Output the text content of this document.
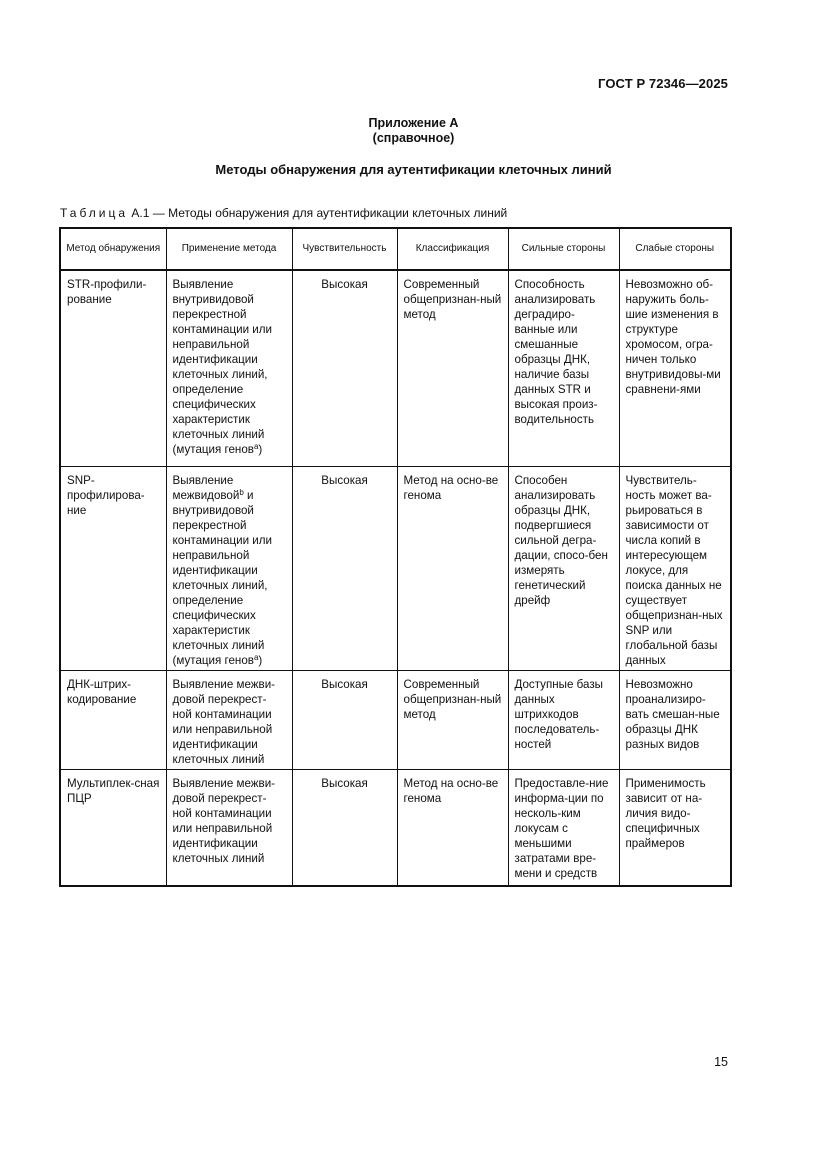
ГОСТ Р 72346—2025
Приложение А
(справочное)
Методы обнаружения для аутентификации клеточных линий
Таблица А.1 — Методы обнаружения для аутентификации клеточных линий
Метод обнаружения	Применение метода	Чувствительность	Классификация	Сильные стороны	Слабые стороны
STR-профили-рование	Выявление внутривидовой перекрестной контаминации или неправильной идентификации клеточных линий, определение специфических характеристик клеточных линий (мутация генов$^а$)	Высокая	Современный общепризнан-ный метод	Способность анализировать деградиро-ванные или смешанные образцы ДНК, наличие базы данных STR и высокая произ-водительность	Невозможно об-наружить боль-шие изменения в структуре хромосом, огра-ничен только внутривидовы-ми сравнени-ями
SNP-профилирова-ние	Выявление межвидовой$^b$ и внутривидовой перекрестной контаминации или неправильной идентификации клеточных линий, определение специфических характеристик клеточных линий (мутация генов$^а$)	Высокая	Метод на осно-ве генома	Способен анализировать образцы ДНК, подвергшиеся сильной дегра-дации, спосо-бен измерять генетический дрейф	Чувствитель-ность может ва-рьироваться в зависимости от числа копий в интересующем локусе, для поиска данных не существует общепризнан-ных SNP или глобальной базы данных
ДНК-штрих-кодирование	Выявление межви-довой перекрест-ной контаминации или неправильной идентификации клеточных линий	Высокая	Современный общепризнан-ный метод	Доступные базы данных штрихкодов последователь-ностей	Невозможно проанализиро-вать смешан-ные образцы ДНК разных видов
Мультиплек-сная ПЦР	Выявление межви-довой перекрест-ной контаминации или неправильной идентификации клеточных линий	Высокая	Метод на осно-ве генома	Предоставле-ние информа-ции по несколь-ким локусам с меньшими затратами вре-мени и средств	Применимость зависит от на-личия видо-специфичных праймеров
15
